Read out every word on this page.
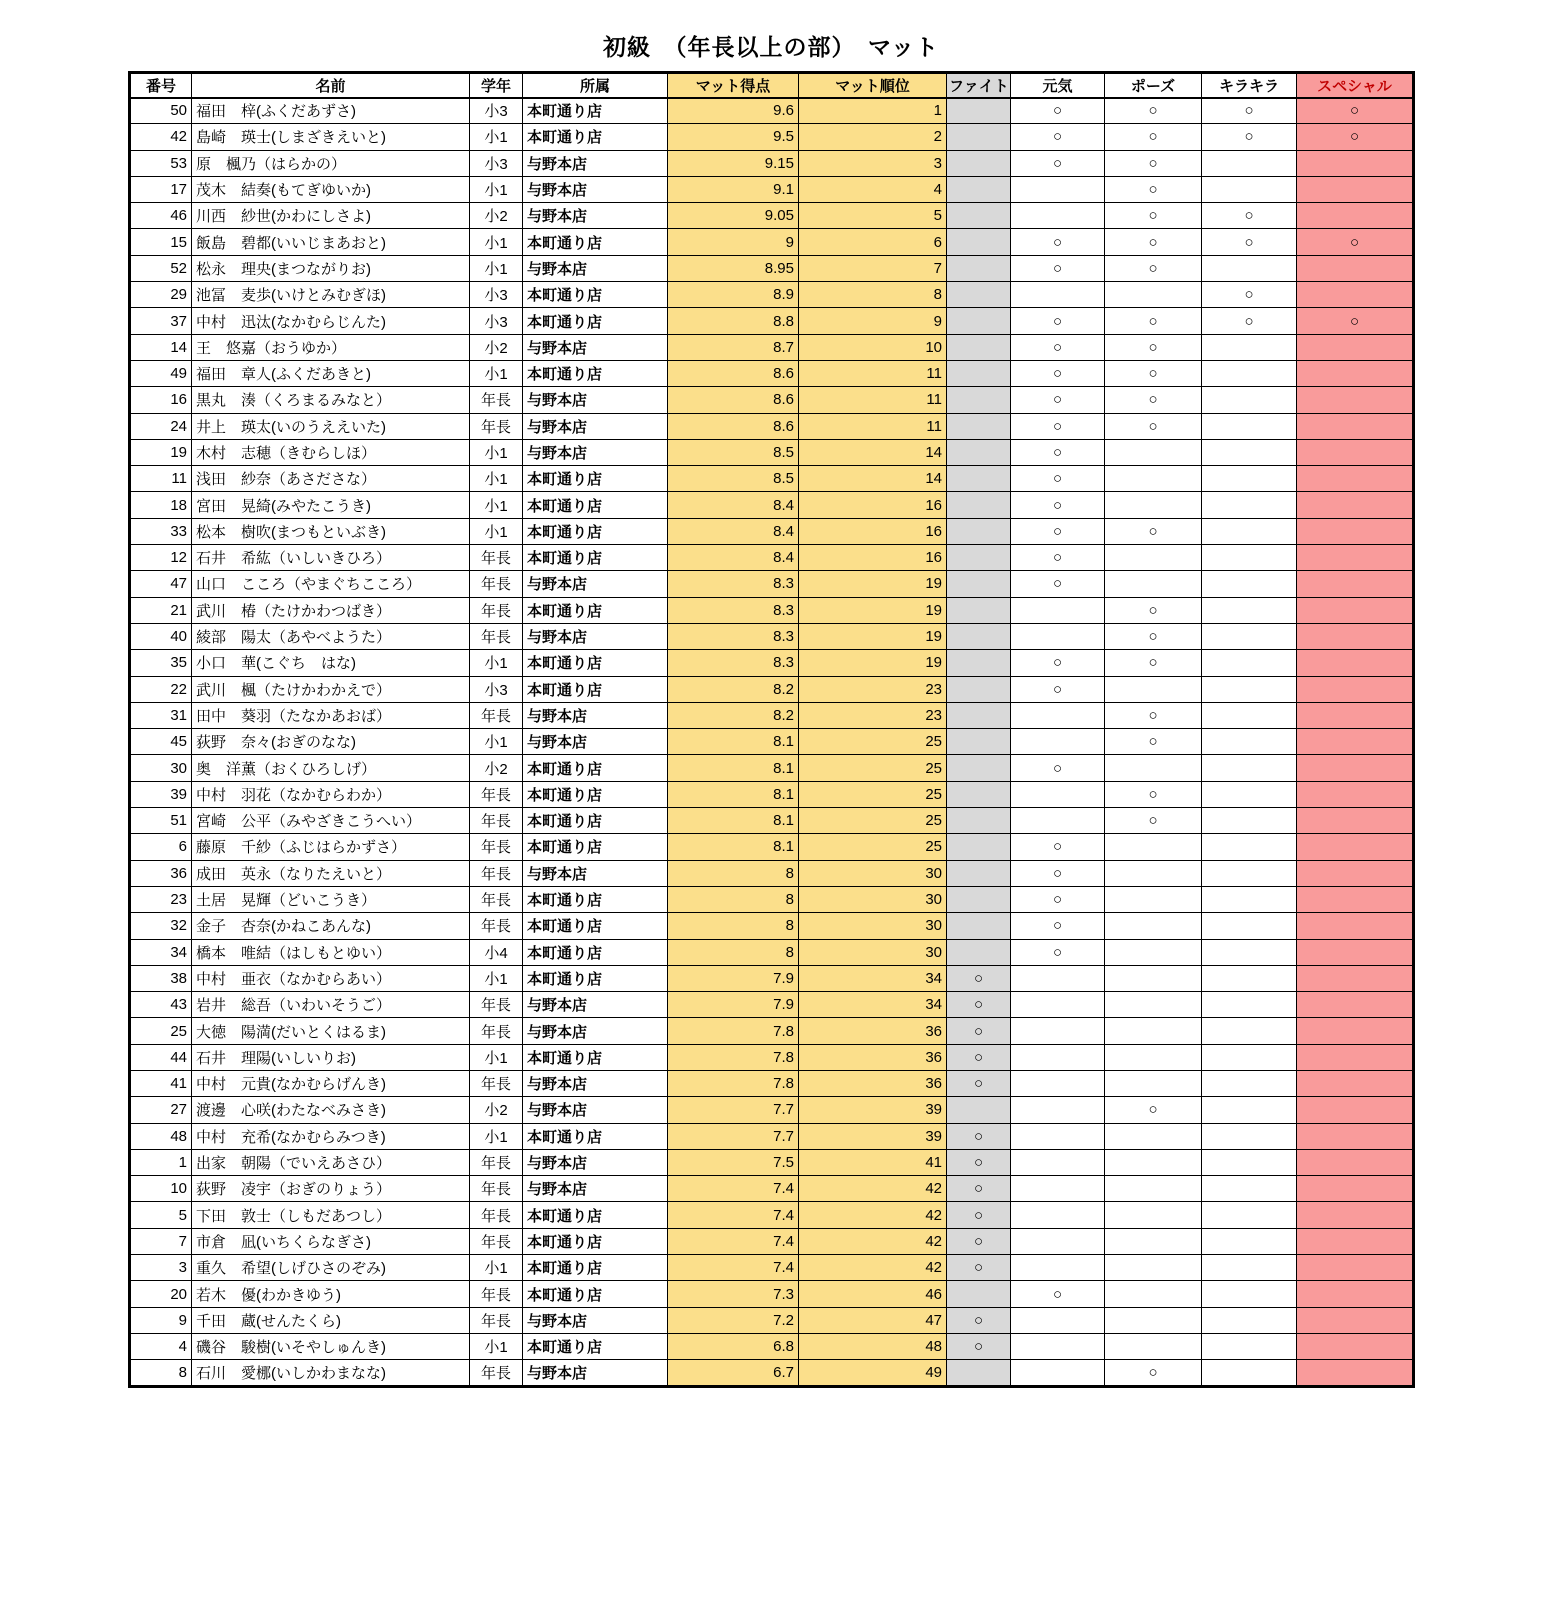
初級　（年長以上の部）　マット
番号	名前	学年	所属	マット得点	マット順位	ファイト	元気	ポーズ	キラキラ	スペシャル
50	福田　梓(ふくだあずさ)	小3	本町通り店	9.6	1		○	○	○	○
42	島崎　瑛士(しまざきえいと)	小1	本町通り店	9.5	2		○	○	○	○
53	原　楓乃（はらかの）	小3	与野本店	9.15	3		○	○		
17	茂木　結奏(もてぎゆいか)	小1	与野本店	9.1	4			○		
46	川西　紗世(かわにしさよ)	小2	与野本店	9.05	5			○	○	
15	飯島　碧都(いいじまあおと)	小1	本町通り店	9	6		○	○	○	○
52	松永　理央(まつながりお)	小1	与野本店	8.95	7		○	○		
29	池冨　麦歩(いけとみむぎほ)	小3	本町通り店	8.9	8				○	
37	中村　迅汰(なかむらじんた)	小3	本町通り店	8.8	9		○	○	○	○
14	王　悠嘉（おうゆか）	小2	与野本店	8.7	10		○	○		
49	福田　章人(ふくだあきと)	小1	本町通り店	8.6	11		○	○		
16	黒丸　湊（くろまるみなと）	年長	与野本店	8.6	11		○	○		
24	井上　瑛太(いのうええいた)	年長	与野本店	8.6	11		○	○		
19	木村　志穂（きむらしほ）	小1	与野本店	8.5	14		○			
11	浅田　紗奈（あさださな）	小1	本町通り店	8.5	14		○			
18	宮田　晃綺(みやたこうき)	小1	本町通り店	8.4	16		○			
33	松本　樹吹(まつもといぶき)	小1	本町通り店	8.4	16		○	○		
12	石井　希紘（いしいきひろ）	年長	本町通り店	8.4	16		○			
47	山口　こころ（やまぐちこころ）	年長	与野本店	8.3	19		○			
21	武川　椿（たけかわつばき）	年長	本町通り店	8.3	19			○		
40	綾部　陽太（あやべようた）	年長	与野本店	8.3	19			○		
35	小口　華(こぐち　はな)	小1	本町通り店	8.3	19		○	○		
22	武川　楓（たけかわかえで）	小3	本町通り店	8.2	23		○			
31	田中　葵羽（たなかあおば）	年長	与野本店	8.2	23			○		
45	荻野　奈々(おぎのなな)	小1	与野本店	8.1	25			○		
30	奥　洋薫（おくひろしげ）	小2	本町通り店	8.1	25		○			
39	中村　羽花（なかむらわか）	年長	本町通り店	8.1	25			○		
51	宮崎　公平（みやざきこうへい）	年長	本町通り店	8.1	25			○		
6	藤原　千紗（ふじはらかずさ）	年長	本町通り店	8.1	25		○			
36	成田　英永（なりたえいと）	年長	与野本店	8	30		○			
23	土居　晃輝（どいこうき）	年長	本町通り店	8	30		○			
32	金子　杏奈(かねこあんな)	年長	本町通り店	8	30		○			
34	橋本　唯結（はしもとゆい）	小4	本町通り店	8	30		○			
38	中村　亜衣（なかむらあい）	小1	本町通り店	7.9	34	○				
43	岩井　総吾（いわいそうご）	年長	与野本店	7.9	34	○				
25	大徳　陽満(だいとくはるま)	年長	与野本店	7.8	36	○				
44	石井　理陽(いしいりお)	小1	本町通り店	7.8	36	○				
41	中村　元貴(なかむらげんき)	年長	与野本店	7.8	36	○				
27	渡邊　心咲(わたなべみさき)	小2	与野本店	7.7	39			○		
48	中村　充希(なかむらみつき)	小1	本町通り店	7.7	39	○				
1	出家　朝陽（でいえあさひ）	年長	与野本店	7.5	41	○				
10	荻野　凌宇（おぎのりょう）	年長	与野本店	7.4	42	○				
5	下田　敦士（しもだあつし）	年長	本町通り店	7.4	42	○				
7	市倉　凪(いちくらなぎさ)	年長	本町通り店	7.4	42	○				
3	重久　希望(しげひさのぞみ)	小1	本町通り店	7.4	42	○				
20	若木　優(わかきゆう)	年長	本町通り店	7.3	46		○			
9	千田　蔵(せんたくら)	年長	与野本店	7.2	47	○				
4	磯谷　駿樹(いそやしゅんき)	小1	本町通り店	6.8	48	○				
8	石川　愛梛(いしかわまなな)	年長	与野本店	6.7	49			○		
